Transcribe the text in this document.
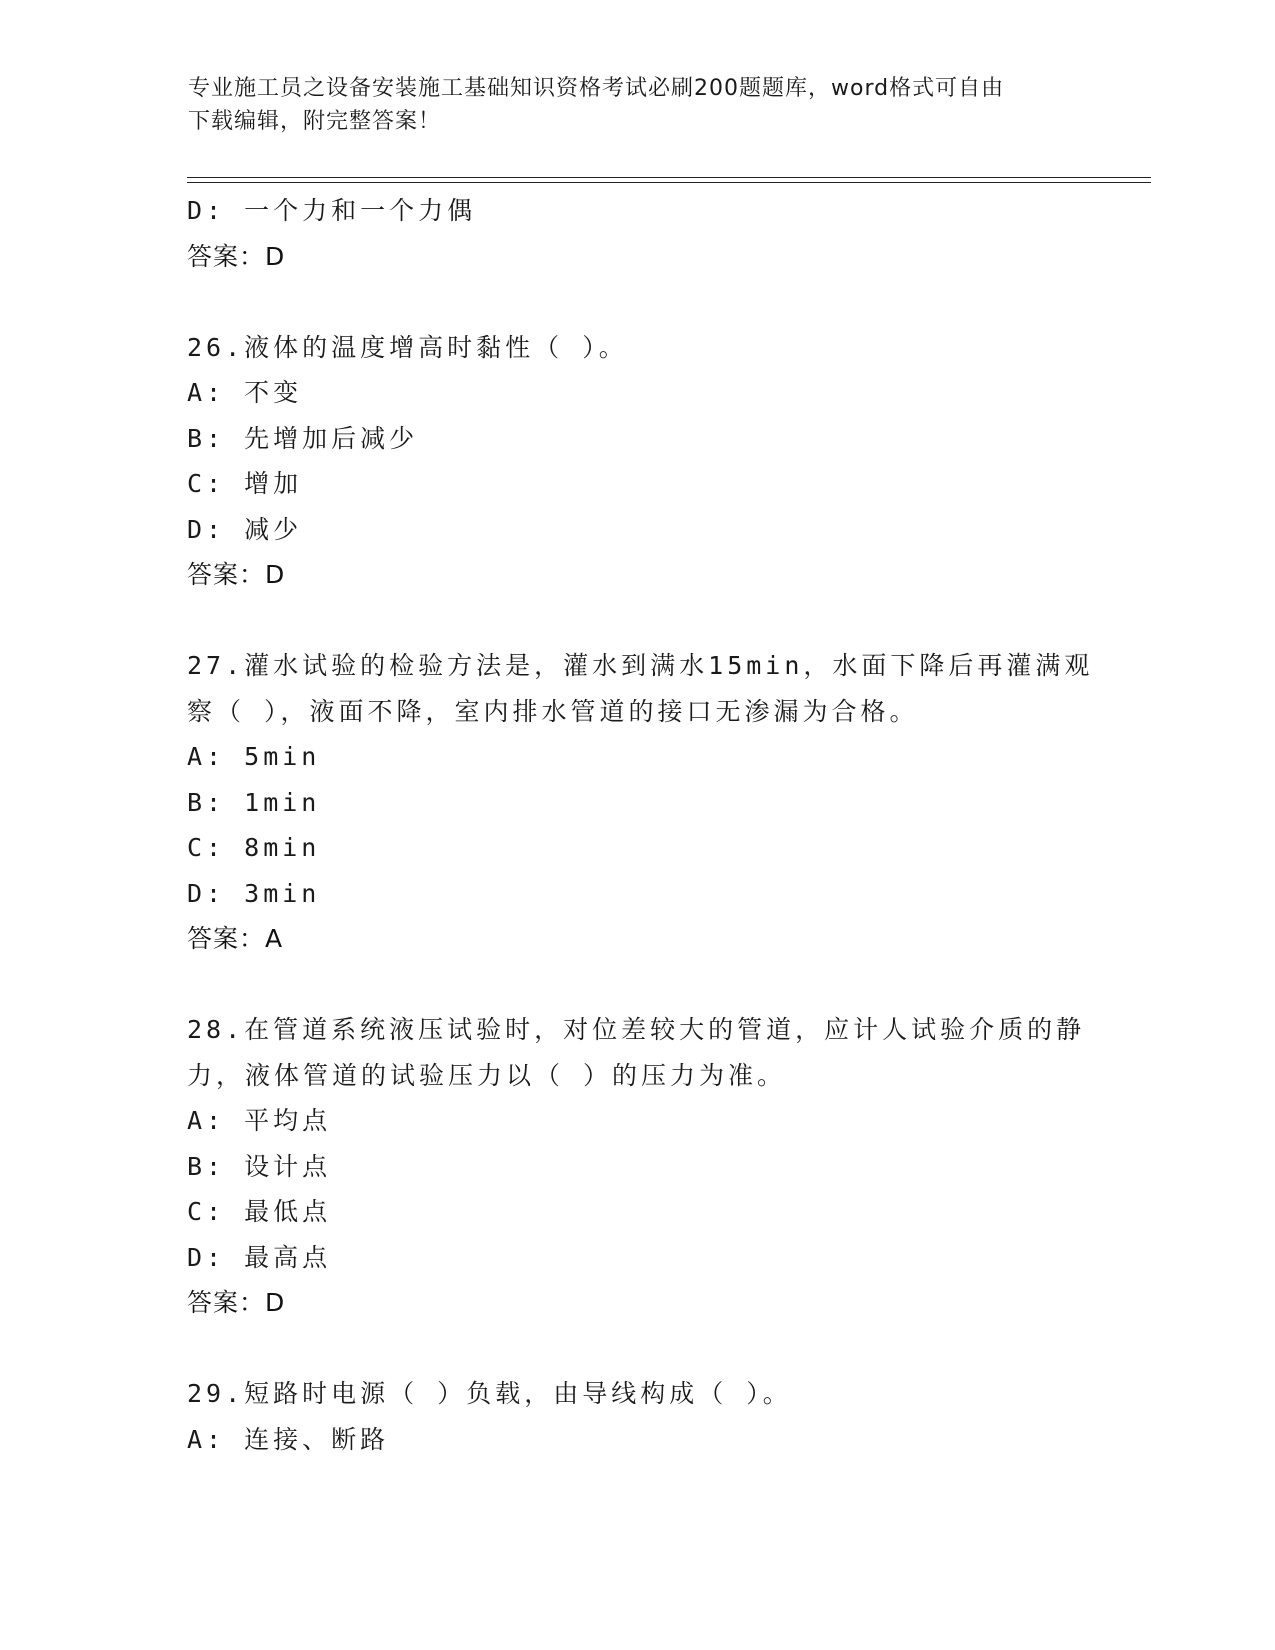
专业施工员之设备安装施工基础知识资格考试必刷200题题库，word格式可自由
下载编辑，附完整答案！
D: 一个力和一个力偶
答案：D
26.液体的温度增高时黏性（ ）。
A: 不变
B: 先增加后减少
C: 增加
D: 减少
答案：D
27.灌水试验的检验方法是，灌水到满水15min，水面下降后再灌满观
察（ ），液面不降，室内排水管道的接口无渗漏为合格。
A: 5min
B: 1min
C: 8min
D: 3min
答案：A
28.在管道系统液压试验时，对位差较大的管道，应计人试验介质的静
力，液体管道的试验压力以（ ）的压力为准。
A: 平均点
B: 设计点
C: 最低点
D: 最高点
答案：D
29.短路时电源（ ）负载，由导线构成（ ）。
A: 连接、断路
